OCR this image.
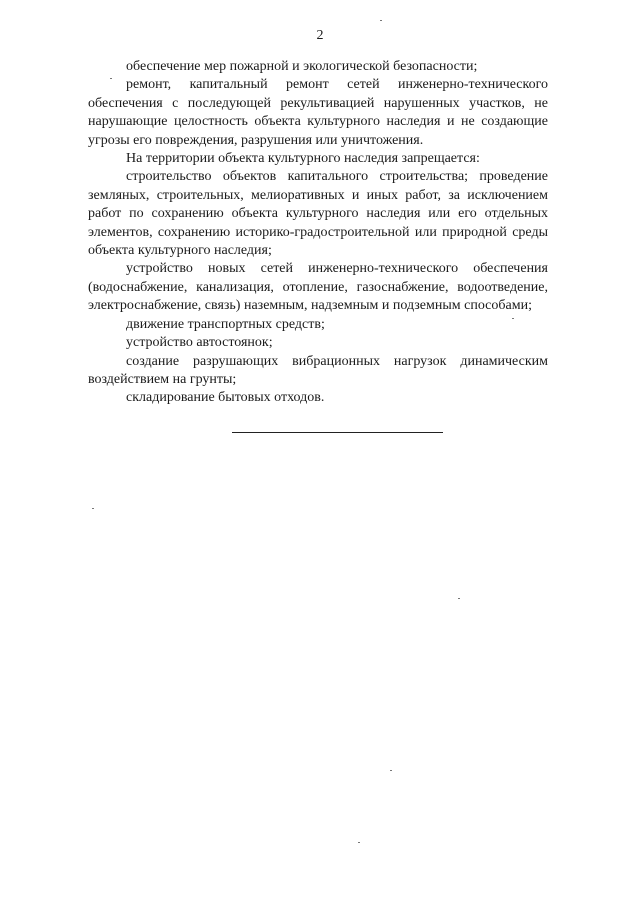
2

обеспечение мер пожарной и экологической безопасности;

ремонт, капитальный ремонт сетей инженерно-технического обеспечения с последующей рекультивацией нарушенных участков, не нарушающие целостность объекта культурного наследия и не создающие угрозы его повреждения, разрушения или уничтожения.

На территории объекта культурного наследия запрещается:

строительство объектов капитального строительства; проведение земляных, строительных, мелиоративных и иных работ, за исключением работ по сохранению объекта культурного наследия или его отдельных элементов, сохранению историко-градостроительной или природной среды объекта культурного наследия;

устройство новых сетей инженерно-технического обеспечения (водоснабжение, канализация, отопление, газоснабжение, водоотведение, электроснабжение, связь) наземным, надземным и подземным способами;

движение транспортных средств;

устройство автостоянок;

создание разрушающих вибрационных нагрузок динамическим воздействием на грунты;

складирование бытовых отходов.
